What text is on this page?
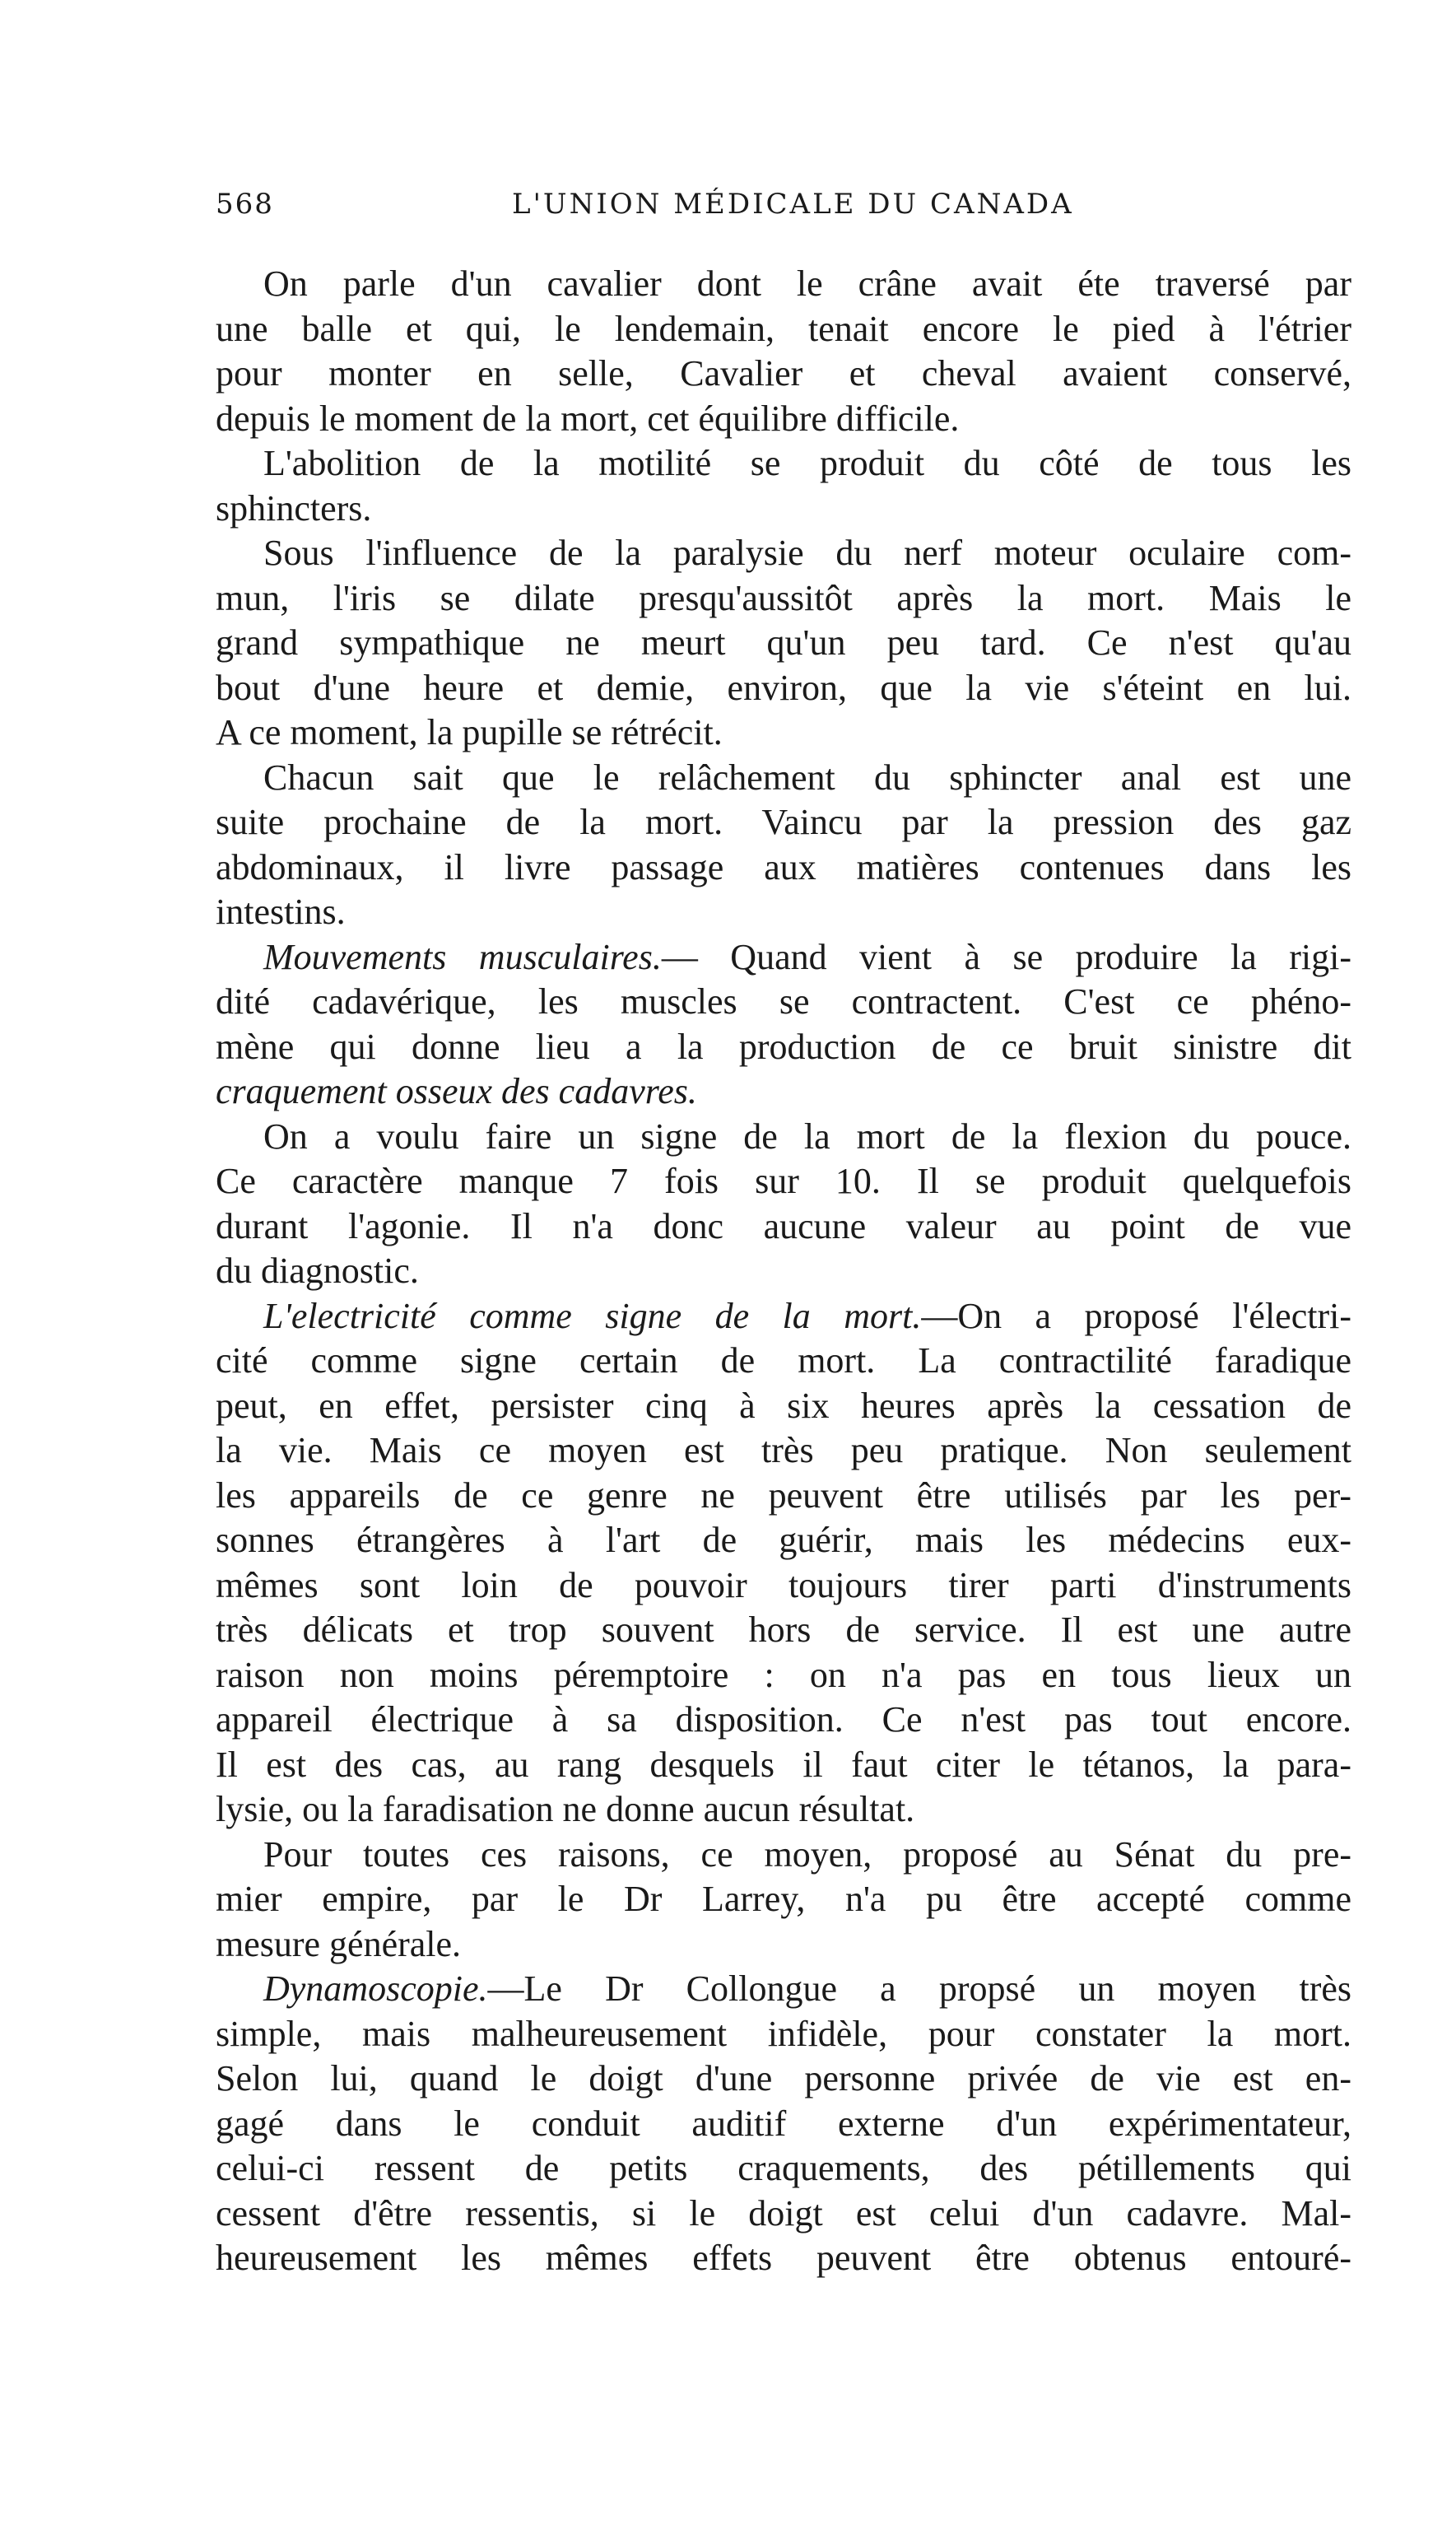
568	L'UNION MÉDICALE DU CANADA
On parle d'un cavalier dont le crâne avait éte traversé par
une balle et qui, le lendemain, tenait encore le pied à l'étrier
pour monter en selle, Cavalier et cheval avaient conservé,
depuis le moment de la mort, cet équilibre difficile.
L'abolition de la motilité se produit du côté de tous les
sphincters.
Sous l'influence de la paralysie du nerf moteur oculaire com-
mun, l'iris se dilate presqu'aussitôt après la mort. Mais le
grand sympathique ne meurt qu'un peu tard. Ce n'est qu'au
bout d'une heure et demie, environ, que la vie s'éteint en lui.
A ce moment, la pupille se rétrécit.
Chacun sait que le relâchement du sphincter anal est une
suite prochaine de la mort. Vaincu par la pression des gaz
abdominaux, il livre passage aux matières contenues dans les
intestins.
Mouvements musculaires.— Quand vient à se produire la rigi-
dité cadavérique, les muscles se contractent. C'est ce phéno-
mène qui donne lieu a la production de ce bruit sinistre dit
craquement osseux des cadavres.
On a voulu faire un signe de la mort de la flexion du pouce.
Ce caractère manque 7 fois sur 10. Il se produit quelquefois
durant l'agonie. Il n'a donc aucune valeur au point de vue
du diagnostic.
L'electricité comme signe de la mort.—On a proposé l'électri-
cité comme signe certain de mort. La contractilité faradique
peut, en effet, persister cinq à six heures après la cessation de
la vie. Mais ce moyen est très peu pratique. Non seulement
les appareils de ce genre ne peuvent être utilisés par les per-
sonnes étrangères à l'art de guérir, mais les médecins eux-
mêmes sont loin de pouvoir toujours tirer parti d'instruments
très délicats et trop souvent hors de service. Il est une autre
raison non moins péremptoire : on n'a pas en tous lieux un
appareil électrique à sa disposition. Ce n'est pas tout encore.
Il est des cas, au rang desquels il faut citer le tétanos, la para-
lysie, ou la faradisation ne donne aucun résultat.
Pour toutes ces raisons, ce moyen, proposé au Sénat du pre-
mier empire, par le Dr Larrey, n'a pu être accepté comme
mesure générale.
Dynamoscopie.—Le Dr Collongue a propsé un moyen très
simple, mais malheureusement infidèle, pour constater la mort.
Selon lui, quand le doigt d'une personne privée de vie est en-
gagé dans le conduit auditif externe d'un expérimentateur,
celui-ci ressent de petits craquements, des pétillements qui
cessent d'être ressentis, si le doigt est celui d'un cadavre. Mal-
heureusement les mêmes effets peuvent être obtenus entouré-
